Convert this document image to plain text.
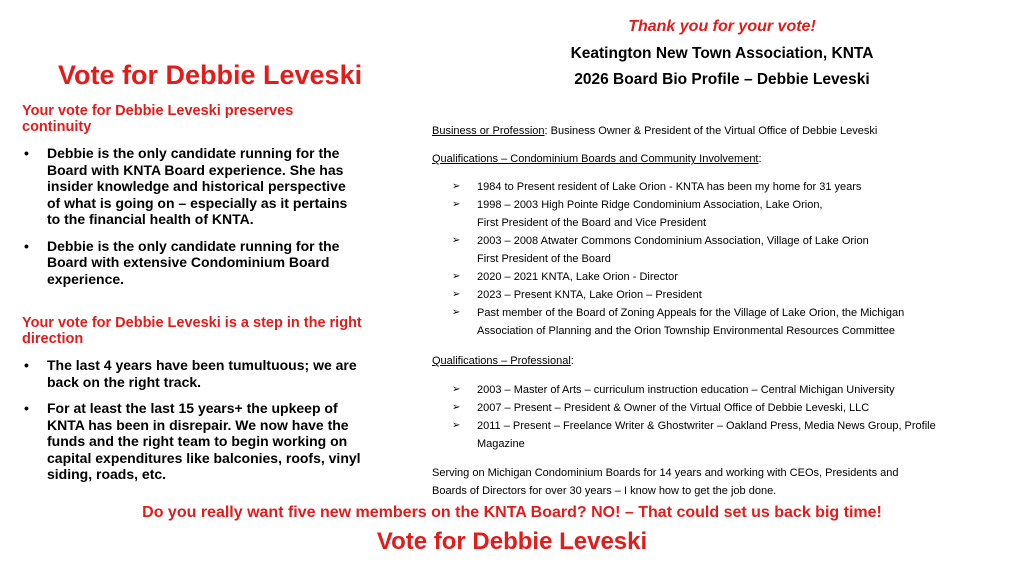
Vote for Debbie Leveski

Your vote for Debbie Leveski preserves continuity

• Debbie is the only candidate running for the Board with KNTA Board experience. She has insider knowledge and historical perspective of what is going on – especially as it pertains to the financial health of KNTA.
• Debbie is the only candidate running for the Board with extensive Condominium Board experience.

Your vote for Debbie Leveski is a step in the right direction

• The last 4 years have been tumultuous; we are back on the right track.
• For at least the last 15 years+ the upkeep of KNTA has been in disrepair. We now have the funds and the right team to begin working on capital expenditures like balconies, roofs, vinyl siding, roads, etc.
Thank you for your vote!
Keatington New Town Association, KNTA
2026 Board Bio Profile – Debbie Leveski
Business or Profession: Business Owner & President of the Virtual Office of Debbie Leveski
Qualifications – Condominium Boards and Community Involvement:
➢ 1984 to Present resident of Lake Orion - KNTA has been my home for 31 years
➢ 1998 – 2003 High Pointe Ridge Condominium Association, Lake Orion,
First President of the Board and Vice President
➢ 2003 – 2008 Atwater Commons Condominium Association, Village of Lake Orion
First President of the Board
➢ 2020 – 2021 KNTA, Lake Orion - Director
➢ 2023 – Present KNTA, Lake Orion – President
➢ Past member of the Board of Zoning Appeals for the Village of Lake Orion, the Michigan
Association of Planning and the Orion Township Environmental Resources Committee
Qualifications – Professional:
➢ 2003 – Master of Arts – curriculum instruction education – Central Michigan University
➢ 2007 – Present – President & Owner of the Virtual Office of Debbie Leveski, LLC
➢ 2011 – Present – Freelance Writer & Ghostwriter – Oakland Press, Media News Group, Profile
Magazine
Serving on Michigan Condominium Boards for 14 years and working with CEOs, Presidents and
Boards of Directors for over 30 years – I know how to get the job done.
Do you really want five new members on the KNTA Board? NO! – That could set us back big time!
Vote for Debbie Leveski
